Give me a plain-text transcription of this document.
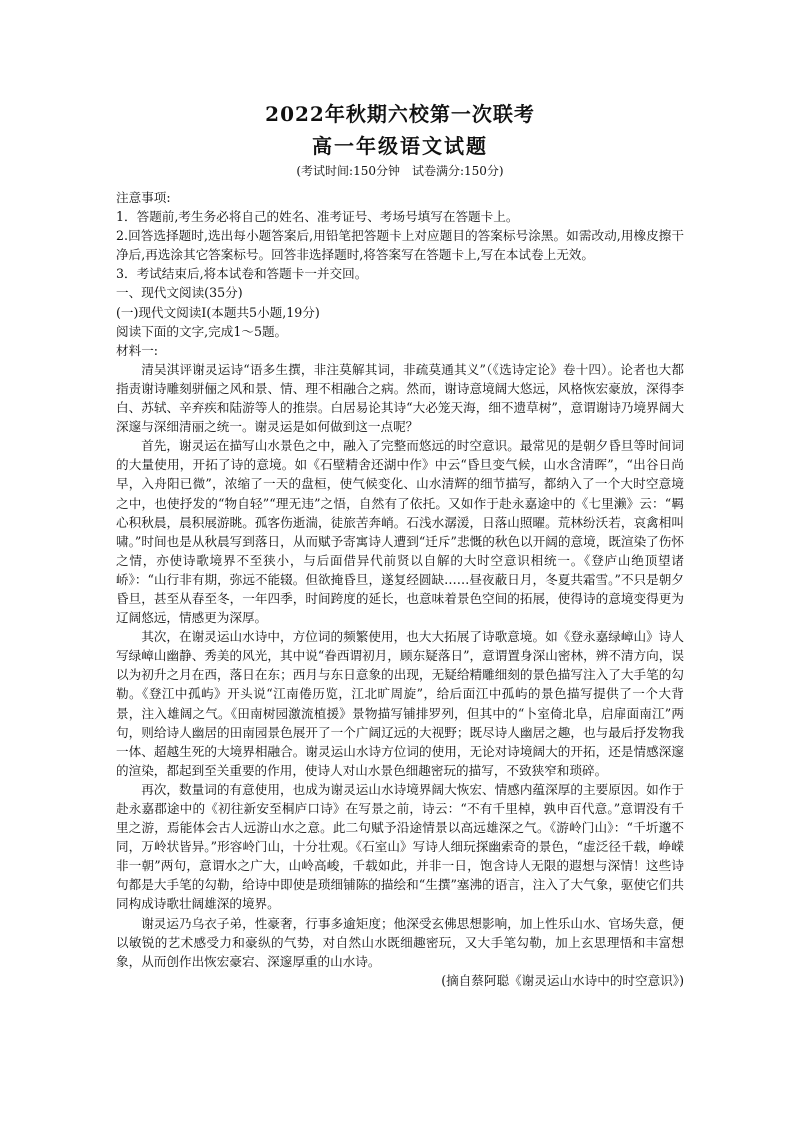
2022年秋期六校第一次联考
高一年级语文试题
(考试时间:150分钟　试卷满分:150分)
注意事项:
1．答题前,考生务必将自己的姓名、准考证号、考场号填写在答题卡上。
2.回答选择题时,选出每小题答案后,用铅笔把答题卡上对应题目的答案标号涂黑。如需改动,用橡皮擦干净后,再选涂其它答案标号。回答非选择题时,将答案写在答题卡上,写在本试卷上无效。
3．考试结束后,将本试卷和答题卡一并交回。
一、现代文阅读(35分)
(一)现代文阅读Ⅰ(本题共5小题,19分)
阅读下面的文字,完成1～5题。
材料一:

清吴淇评谢灵运诗“语多生撰，非注莫解其词，非疏莫通其义”（《选诗定论》卷十四）。论者也大都指责谢诗雕刻骈俪之风和景、情、理不相融合之病。然而，谢诗意境阔大悠远，风格恢宏豪放，深得李白、苏轼、辛弃疾和陆游等人的推崇。白居易论其诗“大必笼天海，细不遗草树”，意谓谢诗乃境界阔大深邃与深细清丽之统一。谢灵运是如何做到这一点呢？

首先，谢灵运在描写山水景色之中，融入了完整而悠远的时空意识。最常见的是朝夕昏旦等时间词的大量使用，开拓了诗的意境。如《石壁精舍还湖中作》中云“昏旦变气候，山水含清晖”，“出谷日尚早，入舟阳已微”，浓缩了一天的盘桓，使气候变化、山水清辉的细节描写，都纳入了一个大时空意境之中，也使抒发的“物自轻”“理无违”之悟，自然有了依托。又如作于赴永嘉途中的《七里濑》云：“羁心积秋晨，晨积展游眺。孤客伤逝湍，徒旅苦奔峭。石浅水潺湲，日落山照曜。荒林纷沃若，哀禽相叫啸。”时间也是从秋晨写到落日，从而赋予寄寓诗人遭到“迁斥”悲慨的秋色以开阔的意境，既渲染了伤怀之情，亦使诗歌境界不至狭小，与后面借异代前贤以自解的大时空意识相统一。《登庐山绝顶望诸峤》：“山行非有期，弥远不能辍。但欲掩昏旦，遂复经圆缺……昼夜蔽日月，冬夏共霜雪。”不只是朝夕昏旦，甚至从春至冬，一年四季，时间跨度的延长，也意味着景色空间的拓展，使得诗的意境变得更为辽阔悠远，情感更为深厚。

其次，在谢灵运山水诗中，方位词的频繁使用，也大大拓展了诗歌意境。如《登永嘉绿嶂山》诗人写绿嶂山幽静、秀美的风光，其中说“眷西谓初月，顾东疑落日”，意谓置身深山密林，辨不清方向，误以为初升之月在西，落日在东；西月与东日意象的出现，无疑给精雕细刻的景色描写注入了大手笔的勾勒。《登江中孤屿》开头说“江南倦历览，江北旷周旋”，给后面江中孤屿的景色描写提供了一个大背景，注入雄阔之气。《田南树园激流植援》景物描写铺排罗列，但其中的“卜室倚北阜，启扉面南江”两句，则给诗人幽居的田南园景色展开了一个广阔辽远的大视野；既尽诗人幽居之趣，也与最后抒发物我一体、超越生死的大境界相融合。谢灵运山水诗方位词的使用，无论对诗境阔大的开拓，还是情感深邃的渲染，都起到至关重要的作用，使诗人对山水景色细趣密玩的描写，不致狭窄和琐碎。

再次，数量词的有意使用，也成为谢灵运山水诗境界阔大恢宏、情感内蕴深厚的主要原因。如作于赴永嘉郡途中的《初往新安至桐庐口诗》在写景之前，诗云：“不有千里棹，孰申百代意。”意谓没有千里之游，焉能体会古人远游山水之意。此二句赋予沿途情景以高远雄深之气。《游岭门山》：“千圻邈不同，万岭状皆异。”形容岭门山，十分壮观。《石室山》写诗人细玩探幽索奇的景色，“虚泛径千载，峥嵘非一朝”两句，意谓水之广大，山岭高峻，千载如此，并非一日，饱含诗人无限的遐想与深情！这些诗句都是大手笔的勾勒，给诗中即使是琐细铺陈的描绘和“生撰”塞沸的语言，注入了大气象，驱使它们共同构成诗歌壮阔雄深的境界。

谢灵运乃乌衣子弟，性豪奢，行事多逾矩度；他深受玄佛思想影响，加上性乐山水、官场失意，便以敏锐的艺术感受力和豪纵的气势，对自然山水既细趣密玩，又大手笔勾勒，加上玄思理悟和丰富想象，从而创作出恢宏豪宕、深邃厚重的山水诗。

(摘自蔡阿聪《谢灵运山水诗中的时空意识》)
